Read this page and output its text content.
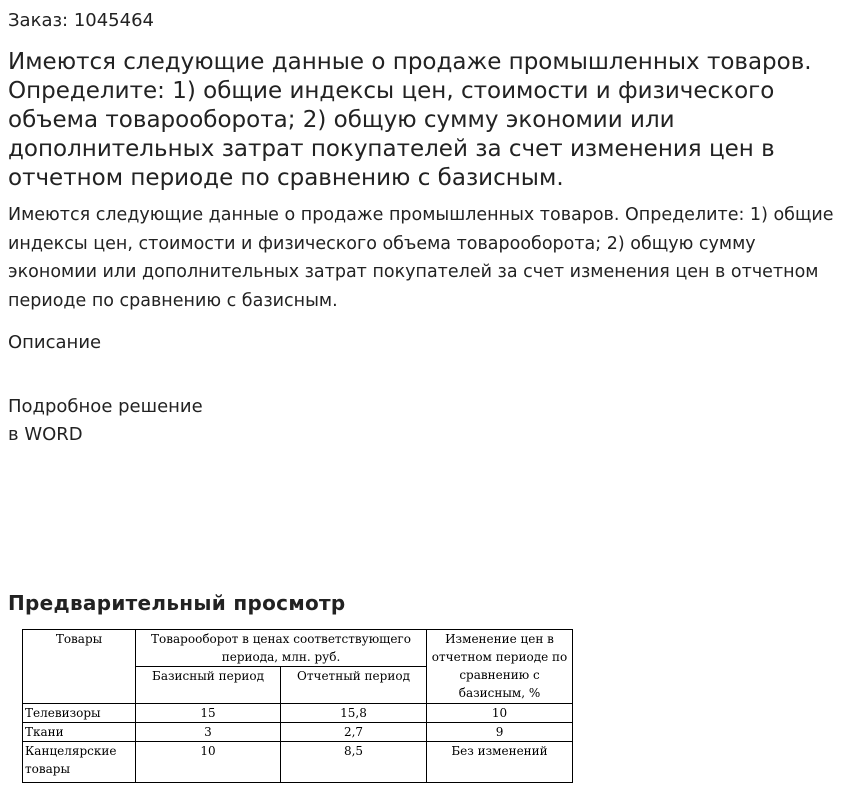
Заказ: 1045464

Имеются следующие данные о продаже промышленных товаров. Определите: 1) общие индексы цен, стоимости и физического объема товарооборота; 2) общую сумму экономии или дополнительных затрат покупателей за счет изменения цен в отчетном периоде по сравнению с базисным.

Имеются следующие данные о продаже промышленных товаров. Определите: 1) общие индексы цен, стоимости и физического объема товарооборота; 2) общую сумму экономии или дополнительных затрат покупателей за счет изменения цен в отчетном периоде по сравнению с базисным.

Описание
Подробное решение
в WORD
Предварительный просмотр
Товары	Товарооборот в ценах соответствующего периода, млн. руб.		Изменение цен в отчетном периоде по сравнению с базисным, %
	Базисный период	Отчетный период	
Телевизоры	15	15,8	10
Ткани	3	2,7	9
Канцелярские товары	10	8,5	Без изменений
